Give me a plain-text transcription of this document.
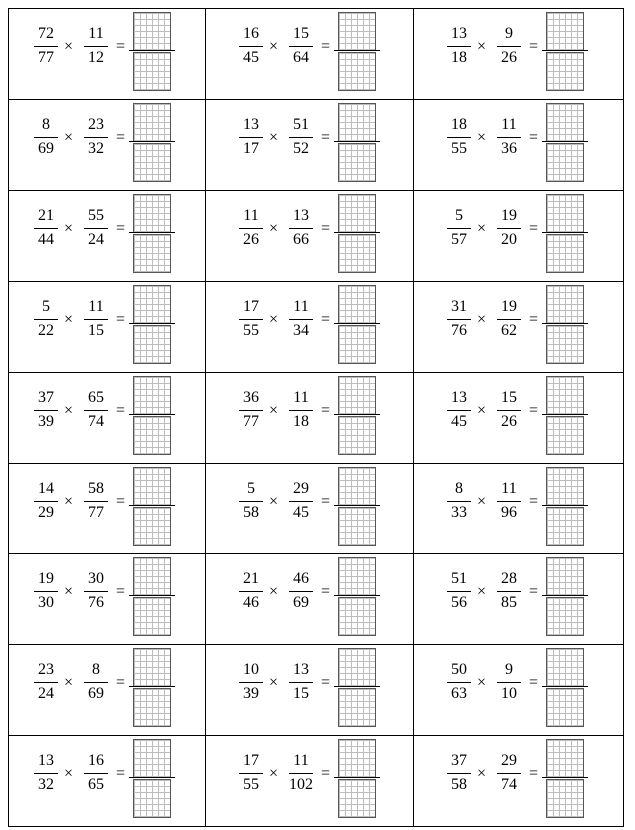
72
77
×
11
12
=
16
45
×
15
64
=
13
18
×
9
26
=
8
69
×
23
32
=
13
17
×
51
52
=
18
55
×
11
36
=
21
44
×
55
24
=
11
26
×
13
66
=
5
57
×
19
20
=
5
22
×
11
15
=
17
55
×
11
34
=
31
76
×
19
62
=
37
39
×
65
74
=
36
77
×
11
18
=
13
45
×
15
26
=
14
29
×
58
77
=
5
58
×
29
45
=
8
33
×
11
96
=
19
30
×
30
76
=
21
46
×
46
69
=
51
56
×
28
85
=
23
24
×
8
69
=
10
39
×
13
15
=
50
63
×
9
10
=
13
32
×
16
65
=
17
55
×
11
102
=
37
58
×
29
74
=
